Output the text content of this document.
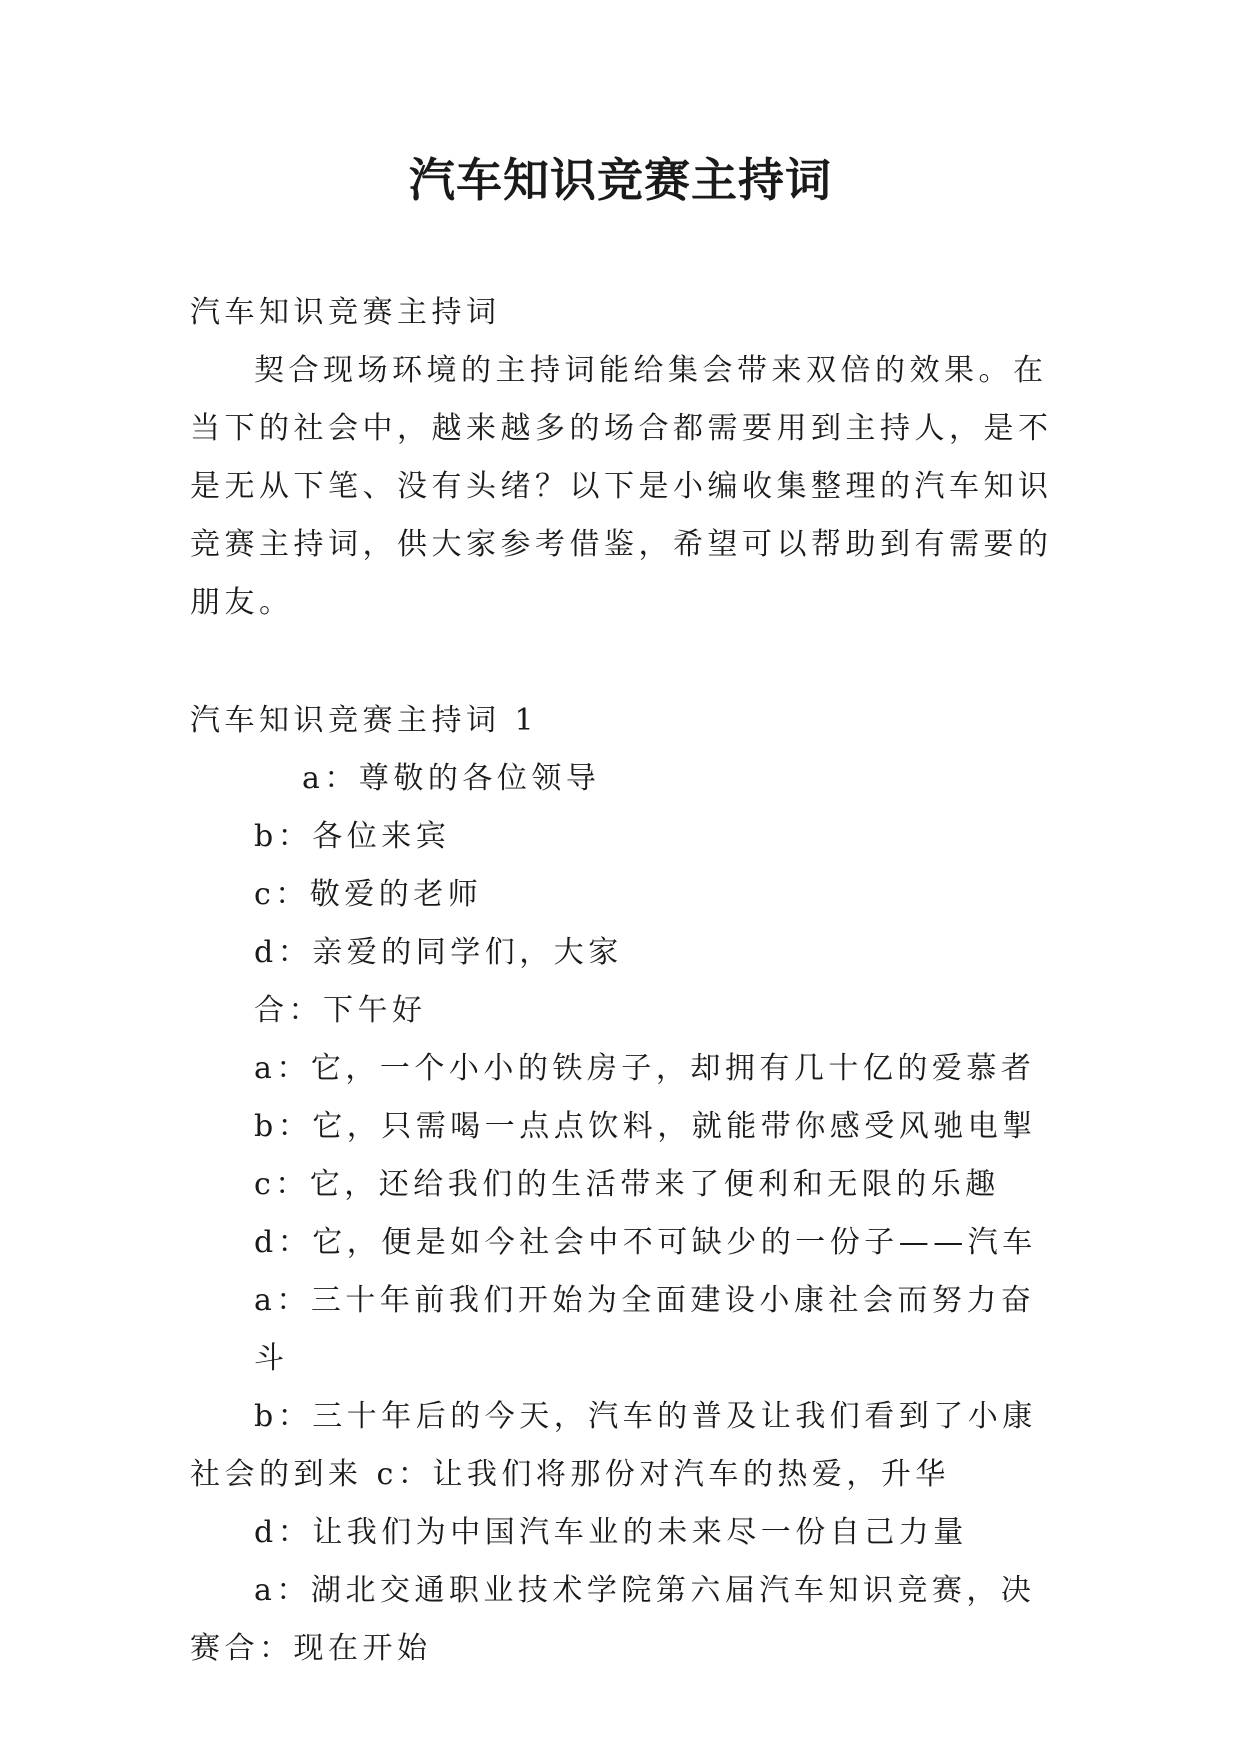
汽车知识竞赛主持词

汽车知识竞赛主持词

契合现场环境的主持词能给集会带来双倍的效果。在当下的社会中，越来越多的场合都需要用到主持人，是不是无从下笔、没有头绪？以下是小编收集整理的汽车知识竞赛主持词，供大家参考借鉴，希望可以帮助到有需要的朋友。

汽车知识竞赛主持词 1

a：尊敬的各位领导

b：各位来宾

c：敬爱的老师

d：亲爱的同学们，大家

合：下午好

a：它，一个小小的铁房子，却拥有几十亿的爱慕者

b：它，只需喝一点点饮料，就能带你感受风驰电掣

c：它，还给我们的生活带来了便利和无限的乐趣

d：它，便是如今社会中不可缺少的一份子——汽车

a：三十年前我们开始为全面建设小康社会而努力奋斗

b：三十年后的今天，汽车的普及让我们看到了小康社会的到来 c：让我们将那份对汽车的热爱，升华

d：让我们为中国汽车业的未来尽一份自己力量

a：湖北交通职业技术学院第六届汽车知识竞赛，决赛合：现在开始
